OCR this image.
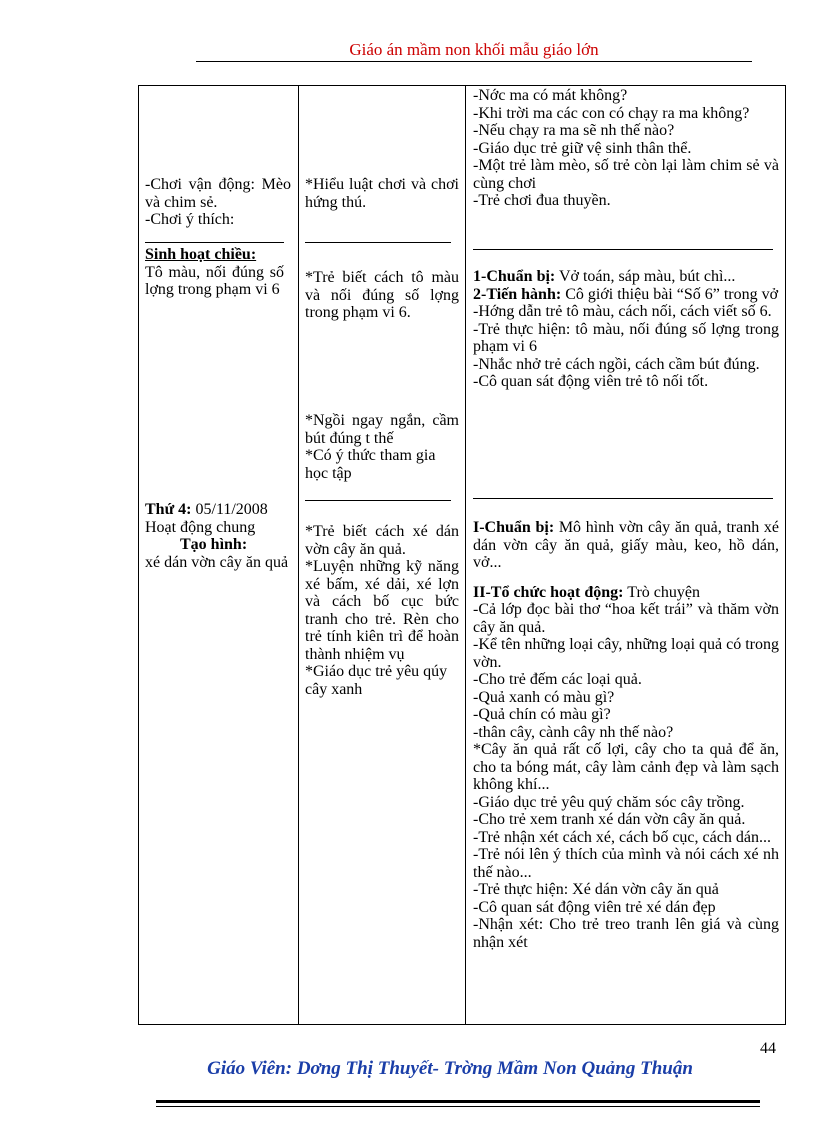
Giáo án mầm non khối mẫu giáo lớn

-Chơi vận động: Mèo và chim sẻ.

-Chơi ý thích:

Sinh hoạt chiều:

Tô màu, nối đúng số lợng trong phạm vi 6

Thứ 4: 05/11/2008

Hoạt động chung

Tạo hình:

xé dán vờn cây ăn quả

*Hiểu luật chơi và chơi hứng thú.

*Trẻ biết cách tô màu và nối đúng số lợng trong phạm vi 6.

*Ngồi ngay ngắn, cầm bút đúng t thế

*Có ý thức tham gia học tập

*Trẻ biết cách xé dán vờn cây ăn quả.

*Luyện những kỹ năng xé bấm, xé dải, xé lợn và cách bố cục bức tranh cho trẻ. Rèn cho trẻ tính kiên trì để hoàn thành nhiệm vụ

*Giáo dục trẻ yêu qúy cây xanh

-Nớc ma có mát không?

-Khi trời ma các con có chạy ra ma không?

-Nếu chạy ra ma sẽ nh thế nào?

-Giáo dục trẻ giữ vệ sinh thân thể.

-Một trẻ làm mèo, số trẻ còn lại làm chim sẻ và cùng chơi

-Trẻ chơi đua thuyền.

1-Chuẩn bị: Vở toán, sáp màu, bút chì...

2-Tiến hành: Cô giới thiệu bài “Số 6” trong vở

-Hớng dẫn trẻ tô màu, cách nối, cách viết số 6.

-Trẻ thực hiện: tô màu, nối đúng số lợng trong phạm vi 6

-Nhắc nhở trẻ cách ngồi, cách cầm bút đúng.

-Cô quan sát động viên trẻ tô nối tốt.

I-Chuẩn bị: Mô hình vờn cây ăn quả, tranh xé dán vờn cây ăn quả, giấy màu, keo, hồ dán, vở...

II-Tổ chức hoạt động: Trò chuyện

-Cả lớp đọc bài thơ “hoa kết trái” và thăm vờn cây ăn quả.

-Kể tên những loại cây, những loại quả có trong vờn.

-Cho trẻ đếm các loại quả.

-Quả xanh có màu gì?

-Quả chín có màu gì?

-thân cây, cành cây nh thế nào?

*Cây ăn quả rất cố lợi, cây cho ta quả để ăn, cho ta bóng mát, cây làm cảnh đẹp và làm sạch không khí...

-Giáo dục trẻ yêu quý chăm sóc cây trồng.

-Cho trẻ xem tranh xé dán vờn cây ăn quả.

-Trẻ nhận xét cách xé, cách bố cục, cách dán...

-Trẻ nói lên ý thích của mình và nói cách xé nh thế nào...

-Trẻ thực hiện: Xé dán vờn cây ăn quả

-Cô quan sát động viên trẻ xé dán đẹp

-Nhận xét: Cho trẻ treo tranh lên giá và cùng nhận xét

44
Giáo Viên: Dơng Thị Thuyết- Trờng Mầm Non Quảng Thuận
